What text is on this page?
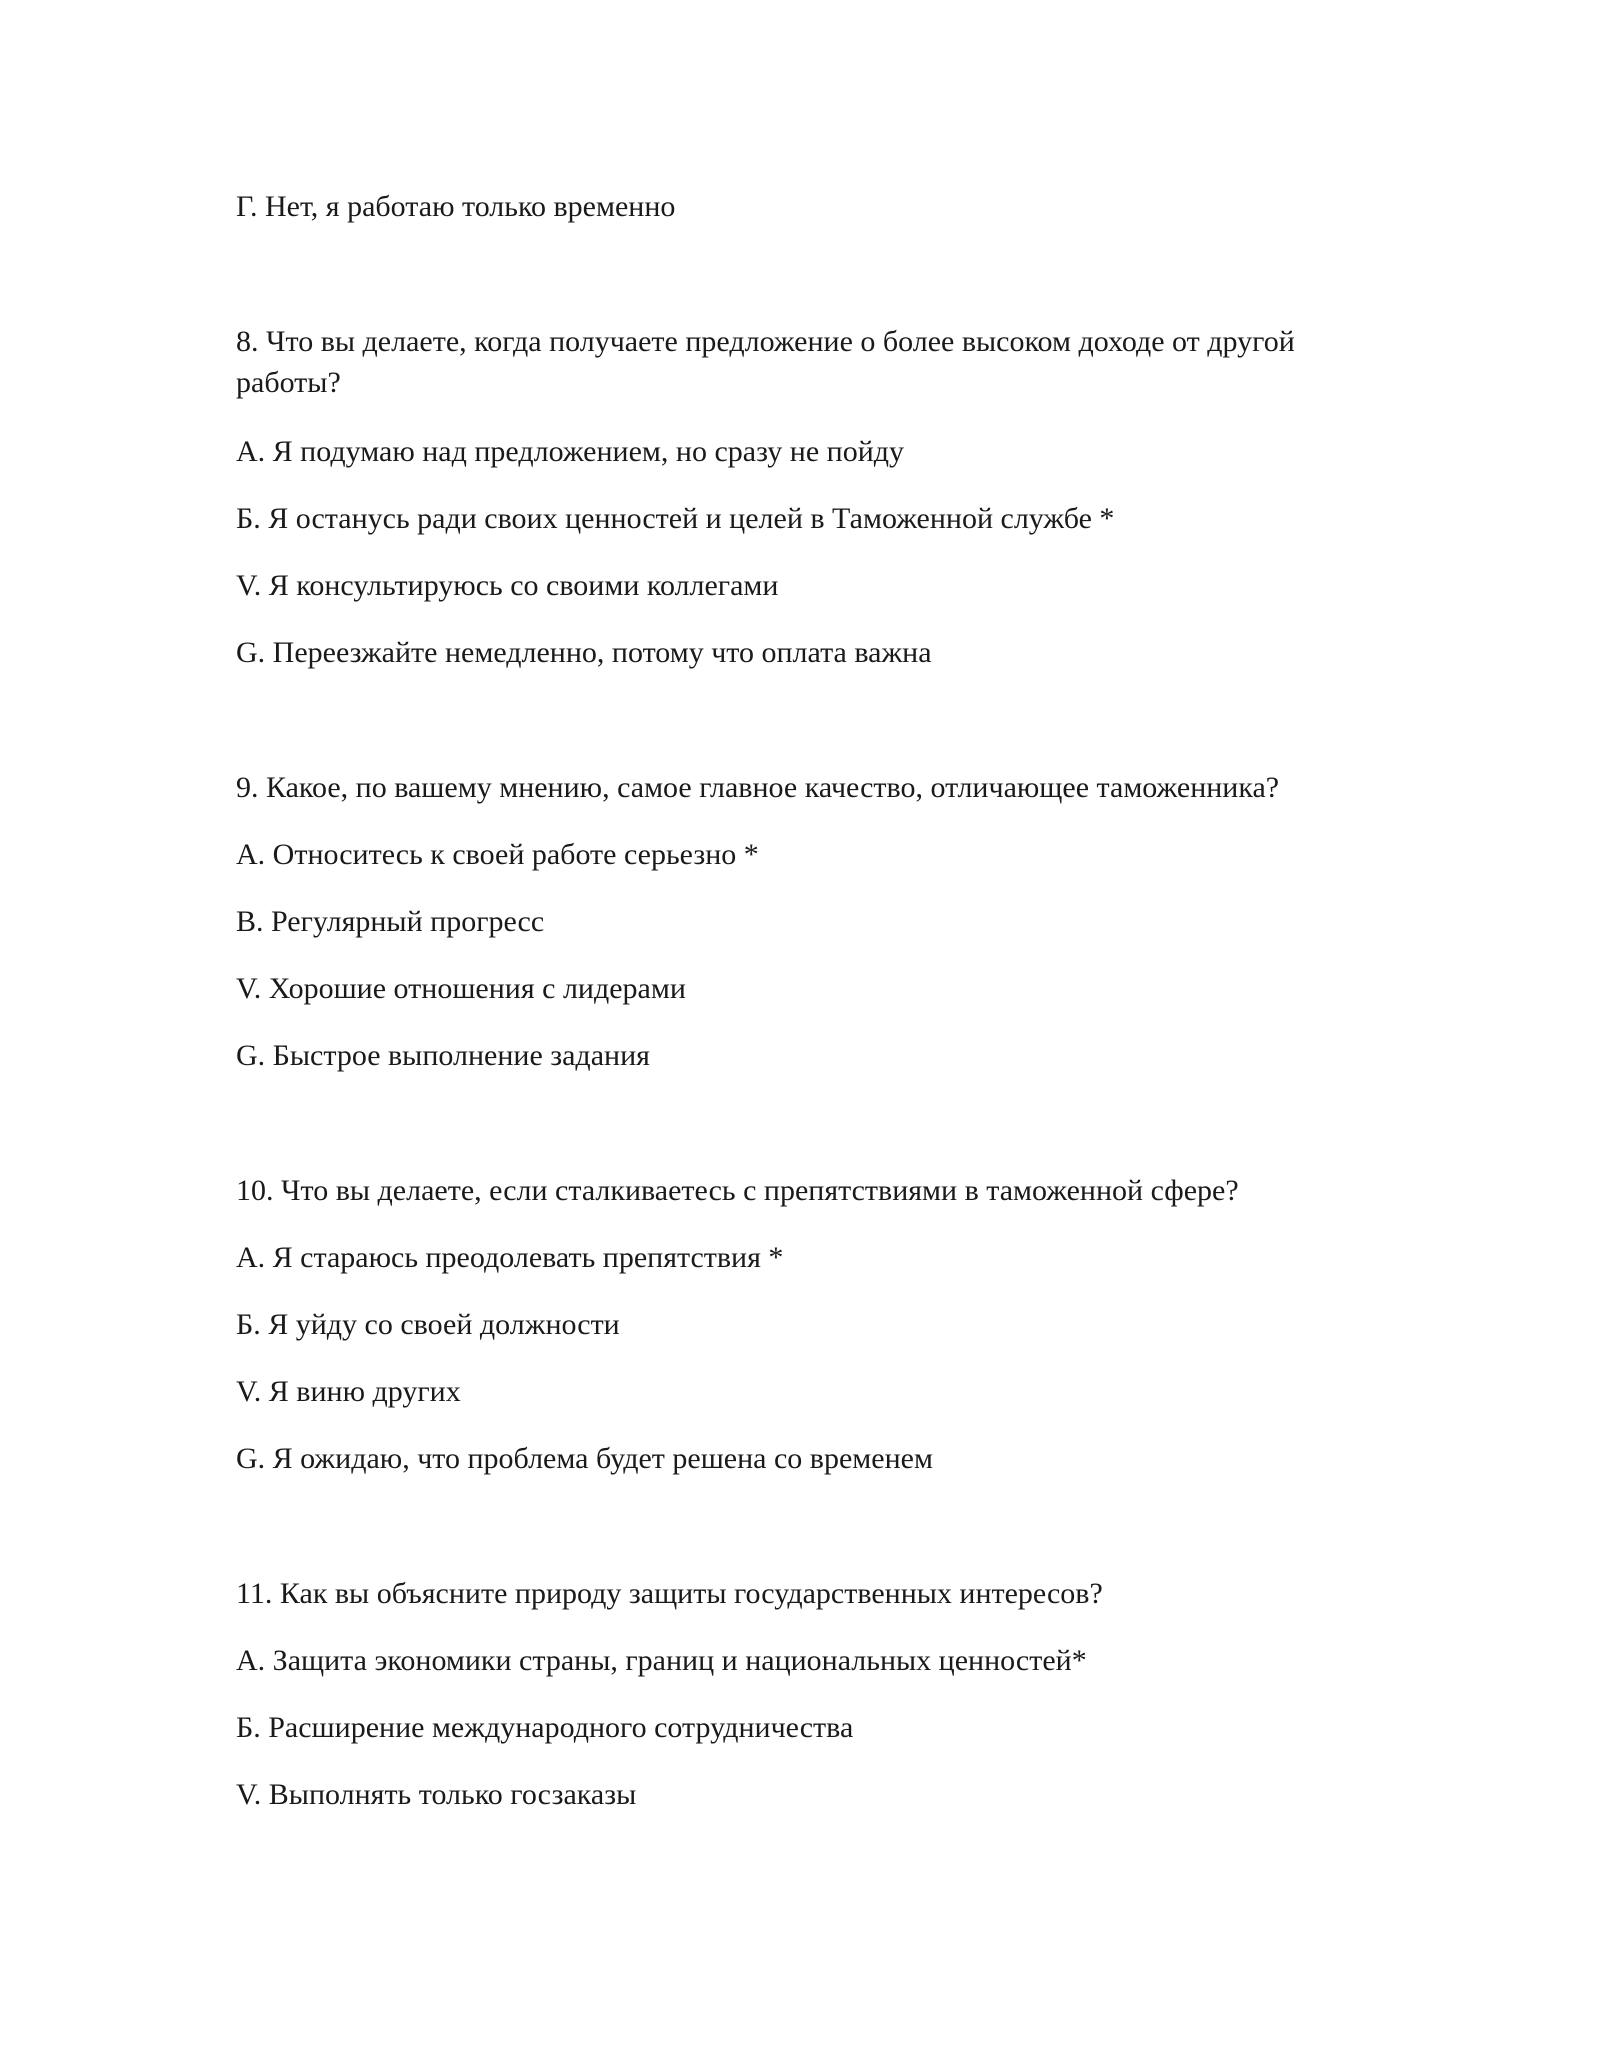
Г. Нет, я работаю только временно
8. Что вы делаете, когда получаете предложение о более высоком доходе от другой работы?
А. Я подумаю над предложением, но сразу не пойду
Б. Я останусь ради своих ценностей и целей в Таможенной службе *
V. Я консультируюсь со своими коллегами
G. Переезжайте немедленно, потому что оплата важна
9. Какое, по вашему мнению, самое главное качество, отличающее таможенника?
А. Относитесь к своей работе серьезно *
B. Регулярный прогресс
V. Хорошие отношения с лидерами
G. Быстрое выполнение задания
10. Что вы делаете, если сталкиваетесь с препятствиями в таможенной сфере?
А. Я стараюсь преодолевать препятствия *
Б. Я уйду со своей должности
V. Я виню других
G. Я ожидаю, что проблема будет решена со временем
11. Как вы объясните природу защиты государственных интересов?
А. Защита экономики страны, границ и национальных ценностей*
Б. Расширение международного сотрудничества
V. Выполнять только госзаказы
